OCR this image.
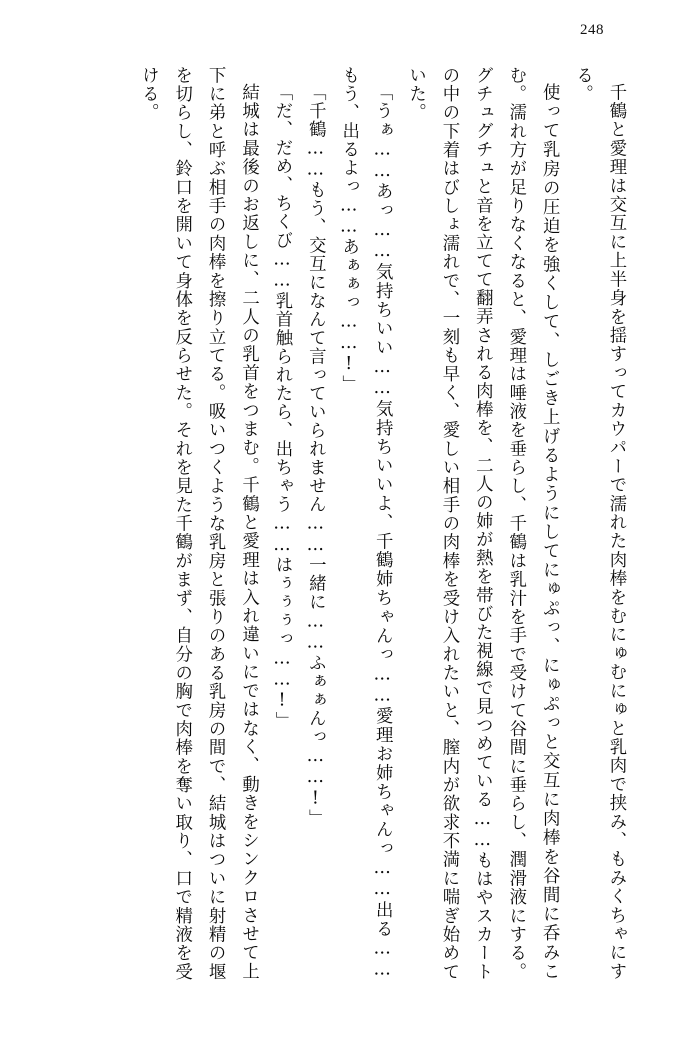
248

千鶴と愛理は交互に上半身を揺すってカウパーで濡れた肉棒をむにゅむにゅと乳肉で挟み、もみくちゃにする。

使って乳房の圧迫を強くして、しごき上げるようにしてにゅぷっ、にゅぷっと交互に肉棒を谷間に呑みこむ。濡れ方が足りなくなると、愛理は唾液を垂らし、千鶴は乳汁を手で受けて谷間に垂らし、潤滑液にする。グチュグチュと音を立てて翻弄される肉棒を、二人の姉が熱を帯びた視線で見つめている……もはやスカートの中の下着はびしょ濡れで、一刻も早く、愛しい相手の肉棒を受け入れたいと、膣内が欲求不満に喘ぎ始めていた。

「うぁ……あっ……気持ちいい……気持ちいいよ、千鶴姉ちゃんっ……愛理お姉ちゃんっ……出る……もう、出るよっ……あぁぁっ……!」

「千鶴……もう、交互になんて言っていられません……一緒に……ふぁぁんっ……!」

「だ、だめ、ちくび……乳首触られたら、出ちゃう……はぅぅぅっ……!」

結城は最後のお返しに、二人の乳首をつまむ。千鶴と愛理は入れ違いにではなく、動きをシンクロさせて上下に弟と呼ぶ相手の肉棒を擦り立てる。吸いつくような乳房と張りのある乳房の間で、結城はついに射精の堰を切らし、鈴口を開いて身体を反らせた。それを見た千鶴がまず、自分の胸で肉棒を奪い取り、口で精液を受ける。
